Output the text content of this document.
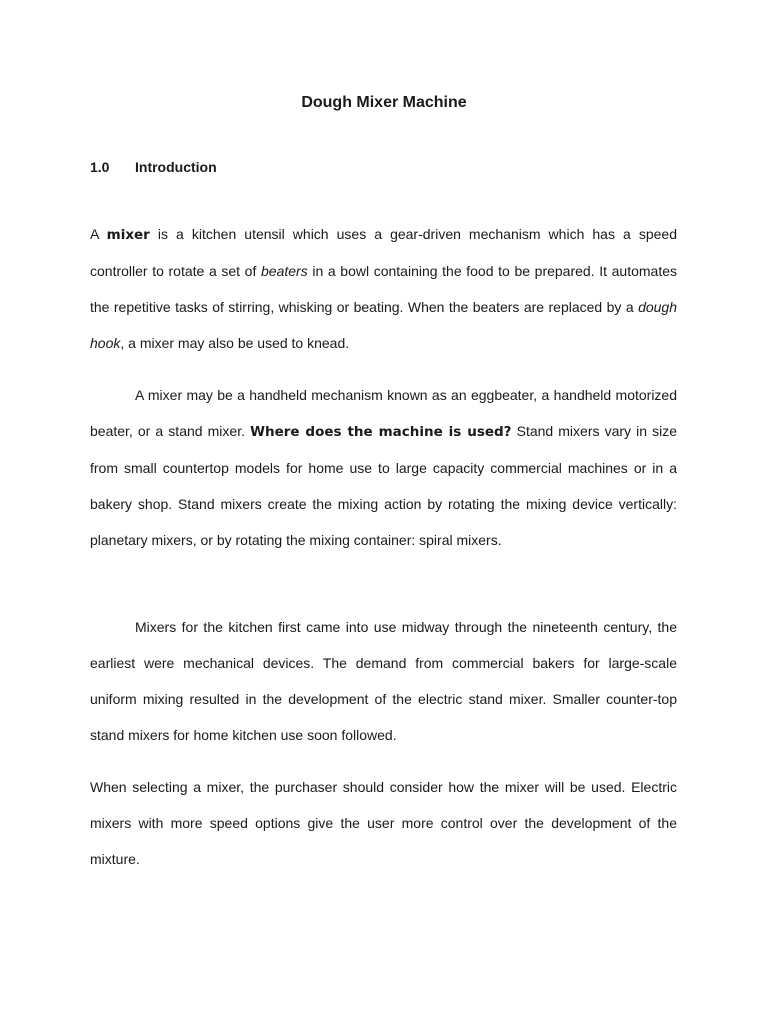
Dough Mixer Machine
1.0 Introduction

A mixer is a kitchen utensil which uses a gear-driven mechanism which has a speed controller to rotate a set of beaters in a bowl containing the food to be prepared. It automates the repetitive tasks of stirring, whisking or beating. When the beaters are replaced by a dough hook, a mixer may also be used to knead.

A mixer may be a handheld mechanism known as an eggbeater, a handheld motorized beater, or a stand mixer. Where does the machine is used? Stand mixers vary in size from small countertop models for home use to large capacity commercial machines or in a bakery shop. Stand mixers create the mixing action by rotating the mixing device vertically: planetary mixers, or by rotating the mixing container: spiral mixers.

Mixers for the kitchen first came into use midway through the nineteenth century, the earliest were mechanical devices. The demand from commercial bakers for large-scale uniform mixing resulted in the development of the electric stand mixer. Smaller counter-top stand mixers for home kitchen use soon followed.

When selecting a mixer, the purchaser should consider how the mixer will be used. Electric mixers with more speed options give the user more control over the development of the mixture.
